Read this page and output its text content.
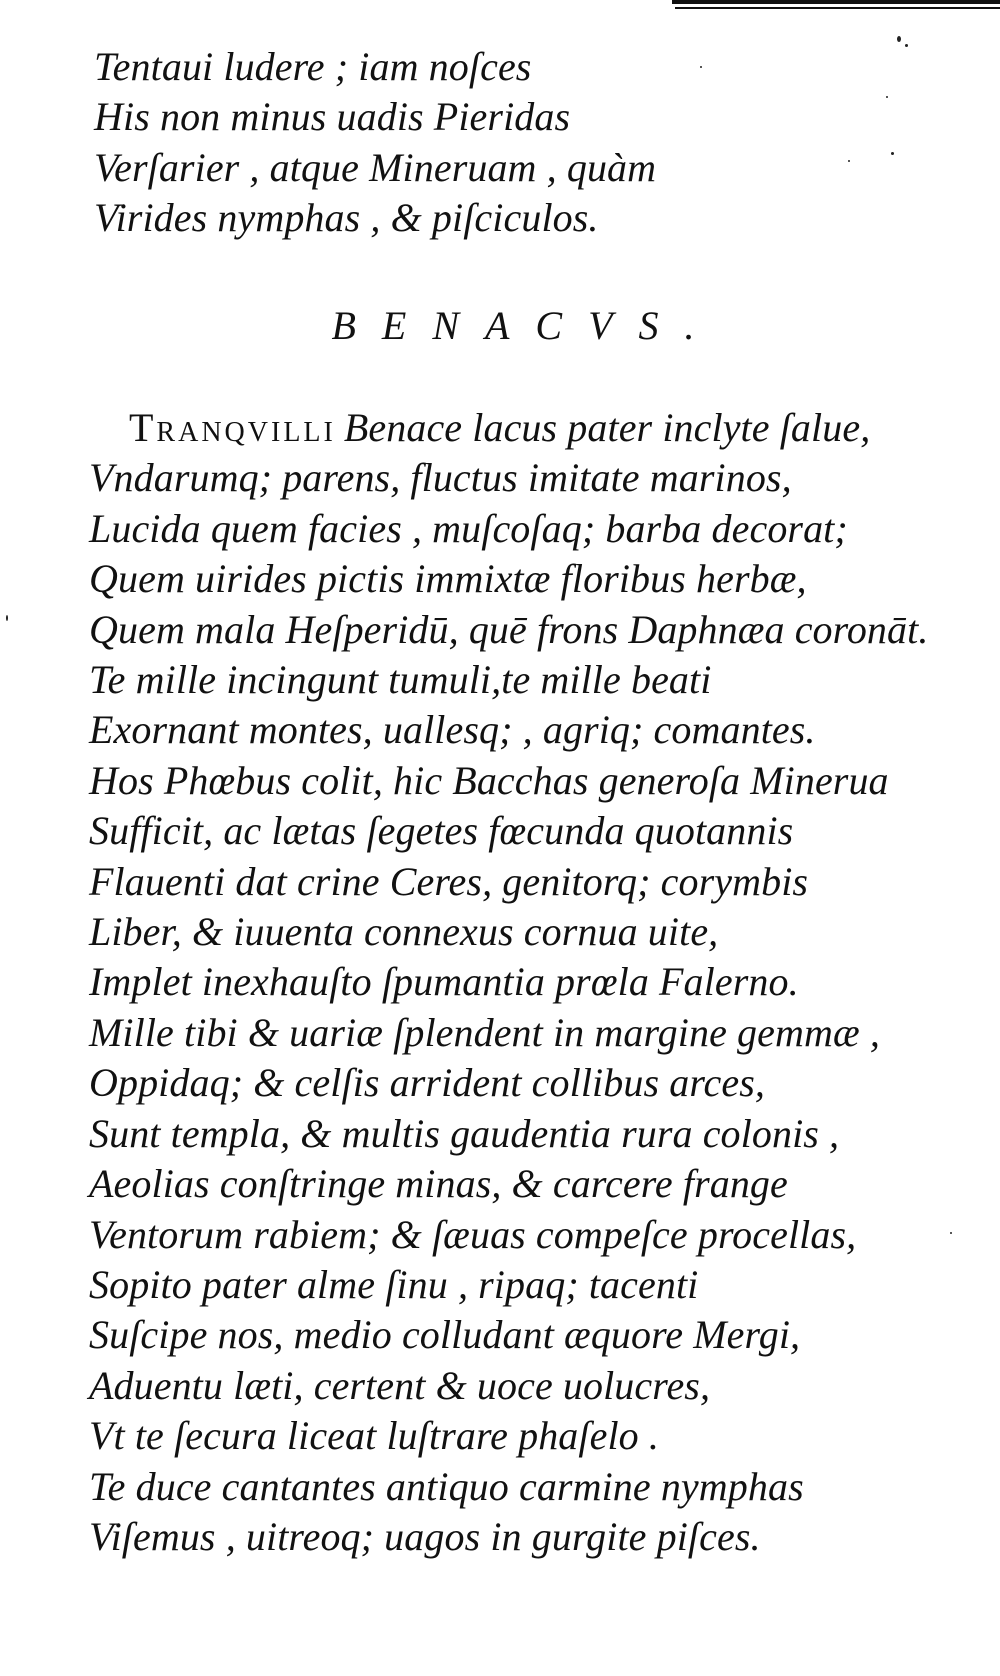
Tentaui ludere ; iam noſces
His non minus uadis Pieridas
Verſarier , atque Mineruam , quàm
Virides nymphas , & piſciculos.
BENACVS.
Tranqvilli Benace lacus pater inclyte ſalue,
Vndarumq; parens, fluctus imitate marinos,
Lucida quem facies , muſcoſaq; barba decorat;
Quem uirides pictis immixtæ floribus herbæ,
Quem mala Heſperidū, quē frons Daphnæa coronāt.
Te mille incingunt tumuli,te mille beati
Exornant montes, uallesq; , agriq; comantes.
Hos Phœbus colit, hic Bacchas generoſa Minerua
Sufficit, ac lætas ſegetes fœcunda quotannis
Flauenti dat crine Ceres, genitorq; corymbis
Liber, & iuuenta connexus cornua uite,
Implet inexhauſto ſpumantia prœla Falerno.
Mille tibi & uariæ ſplendent in margine gemmæ ,
Oppidaq; & celſis arrident collibus arces,
Sunt templa, & multis gaudentia rura colonis ,
Aeolias conſtringe minas, & carcere frange
Ventorum rabiem; & ſæuas compeſce procellas,
Sopito pater alme ſinu , ripaq; tacenti
Suſcipe nos, medio colludant æquore Mergi,
Aduentu læti, certent & uoce uolucres,
Vt te ſecura liceat luſtrare phaſelo .
Te duce cantantes antiquo carmine nymphas
Viſemus , uitreoq; uagos in gurgite piſces.
